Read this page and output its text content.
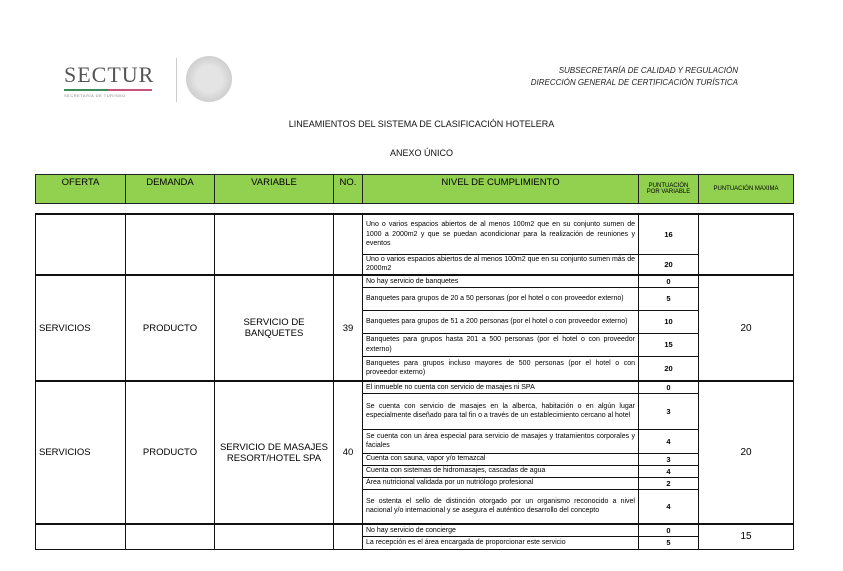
SECTUR
SECRETARÍA DE TURISMO
SUBSECRETARÍA DE CALIDAD Y REGULACIÓN
DIRECCIÓN GENERAL DE CERTIFICACIÓN TURÍSTICA
LINEAMIENTOS DEL SISTEMA DE CLASIFICACIÓN HOTELERA
ANEXO ÚNICO
OFERTA	DEMANDA	VARIABLE	NO.	NIVEL DE CUMPLIMIENTO	PUNTUACIÓN POR VARIABLE	PUNTUACIÓN MAXIMA
				Uno o varios espacios abiertos de al menos 100m2 que en su conjunto sumen de 1000 a 2000m2 y que se puedan acondicionar para la realización de reuniones y eventos	16	
				Uno o varios espacios abiertos de al menos 100m2 que en su conjunto sumen más de 2000m2	20	
SERVICIOS	PRODUCTO	SERVICIO DE BANQUETES	39	No hay servicio de banquetes	0	20
				Banquetes para grupos de 20 a 50 personas (por el hotel o con proveedor externo)	5	
				Banquetes para grupos de 51 a 200 personas (por el hotel o con proveedor externo)	10	
				Banquetes para grupos hasta 201 a 500 personas (por el hotel o con proveedor externo)	15	
				Banquetes para grupos incluso mayores de 500 personas (por el hotel o con proveedor externo)	20	
SERVICIOS	PRODUCTO	SERVICIO DE MASAJES RESORT/HOTEL SPA	40	El inmueble no cuenta con servicio de masajes ni SPA	0	20
				Se cuenta con servicio de masajes en la alberca, habitación o en algún lugar especialmente diseñado para tal fin o a través de un establecimiento cercano al hotel	3	
				Se cuenta con un área especial para servicio de masajes y tratamientos corporales y faciales	4	
				Cuenta con sauna, vapor y/o temazcal	3	
				Cuenta con sistemas de hidromasajes, cascadas de agua	4	
				Área nutricional validada por un nutriólogo profesional	2	
				Se ostenta el sello de distinción otorgado por un organismo reconocido a nivel nacional y/o internacional y se asegura el auténtico desarrollo del concepto	4	
				No hay servicio de concierge	0	15
				La recepción es el área encargada de proporcionar este servicio	5	
